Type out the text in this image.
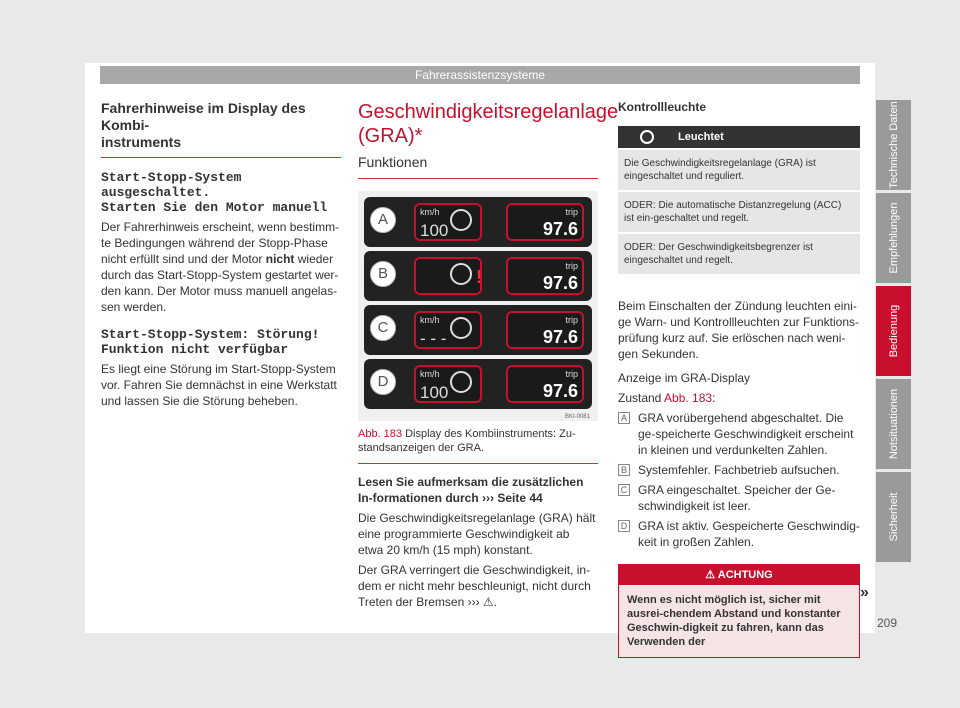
Fahrerassistenzsysteme
Fahrerhinweise im Display des Kombi-
instruments
Start-Stopp-System ausgeschaltet.
Starten Sie den Motor manuell

Der Fahrerhinweis erscheint, wenn bestimm-te Bedingungen während der Stopp-Phase nicht erfüllt sind und der Motor nicht wieder durch das Start-Stopp-System gestartet wer-den kann. Der Motor muss manuell angelas-sen werden.

Start-Stopp-System: Störung!
Funktion nicht verfügbar

Es liegt eine Störung im Start-Stopp-System vor. Fahren Sie demnächst in eine Werkstatt und lassen Sie die Störung beheben.

Geschwindigkeitsregelanlage (GRA)*
Funktionen
A	km/h
100
trip
97.6
B	!
trip
97.6
C	km/h
- - -
trip
97.6
D	km/h
100
trip
97.6
BKI-0081
Abb. 183 Display des Kombiinstruments: Zu-standsanzeigen der GRA.

Lesen Sie aufmerksam die zusätzlichen In-formationen durch ››› Seite 44

Die Geschwindigkeitsregelanlage (GRA) hält eine programmierte Geschwindigkeit ab etwa 20 km/h (15 mph) konstant.

Der GRA verringert die Geschwindigkeit, in-dem er nicht mehr beschleunigt, nicht durch Treten der Bremsen ››› ⚠.

Kontrollleuchte
Leuchtet
Die Geschwindigkeitsregelanlage (GRA) ist eingeschaltet und reguliert.
ODER: Die automatische Distanzregelung (ACC) ist ein-geschaltet und regelt.
ODER: Der Geschwindigkeitsbegrenzer ist eingeschaltet und regelt.

Beim Einschalten der Zündung leuchten eini-ge Warn- und Kontrollleuchten zur Funktions-prüfung kurz auf. Sie erlöschen nach weni-gen Sekunden.

Anzeige im GRA-Display

Zustand Abb. 183:

A GRA vorübergehend abgeschaltet. Die ge-speicherte Geschwindigkeit erscheint in kleinen und verdunkelten Zahlen.
B Systemfehler. Fachbetrieb aufsuchen.
C GRA eingeschaltet. Speicher der Ge-schwindigkeit ist leer.
D GRA ist aktiv. Gespeicherte Geschwindig-keit in großen Zahlen.
⚠ ACHTUNG
Wenn es nicht möglich ist, sicher mit ausrei-chendem Abstand und konstanter Geschwin-digkeit zu fahren, kann das Verwenden der
»
Technische Daten
Empfehlungen
Bedienung
Notsituationen
Sicherheit
209
